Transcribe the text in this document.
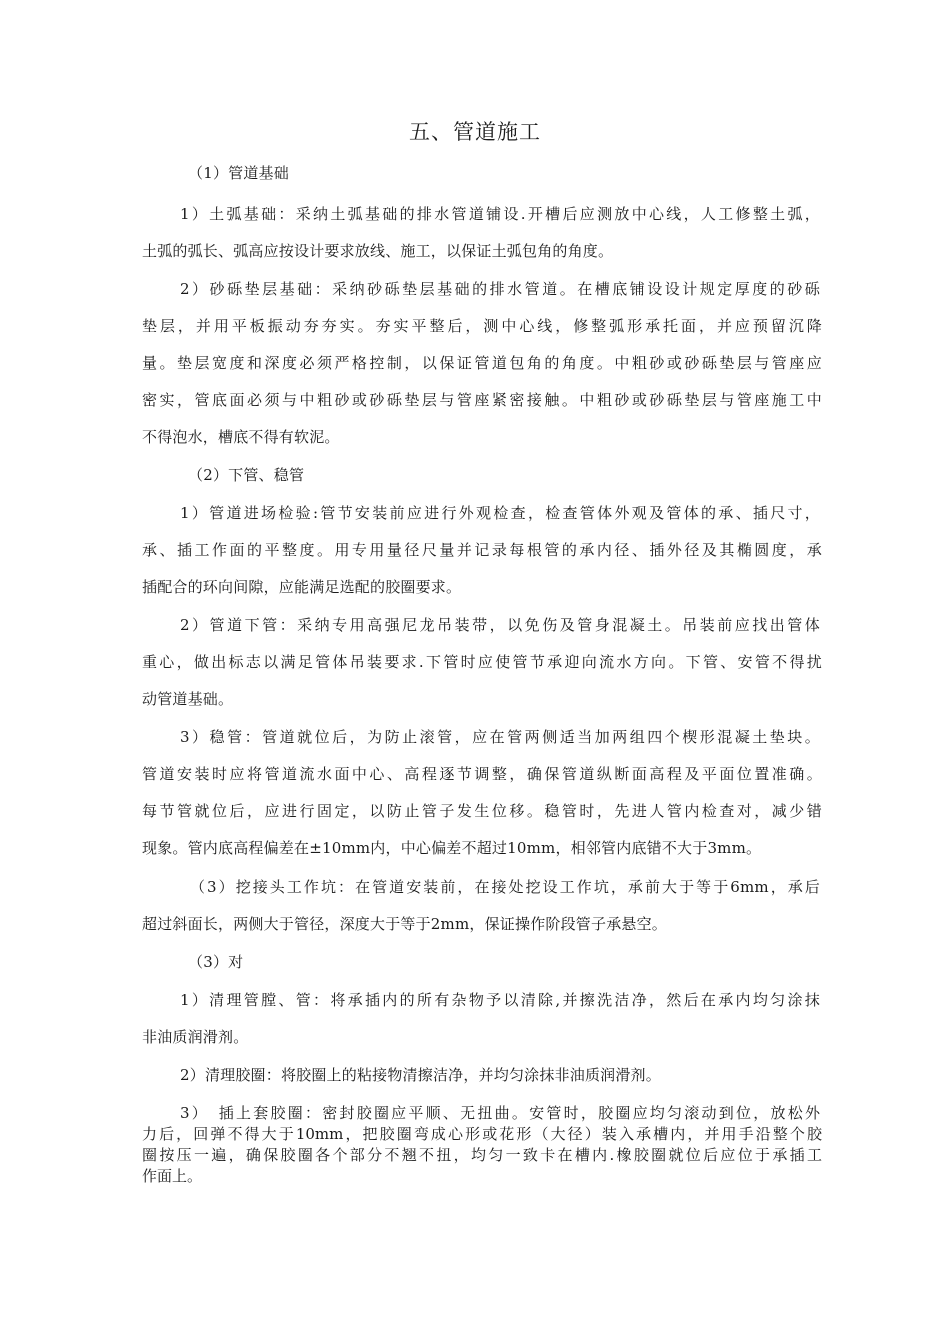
五、管道施工
（1）管道基础
1）土弧基础：采纳土弧基础的排水管道铺设.开槽后应测放中心线，人工修整土弧，
土弧的弧长、弧高应按设计要求放线、施工，以保证土弧包角的角度。
2）砂砾垫层基础：采纳砂砾垫层基础的排水管道。在槽底铺设设计规定厚度的砂砾
垫层，并用平板振动夯夯实。夯实平整后，测中心线，修整弧形承托面，并应预留沉降
量。垫层宽度和深度必须严格控制，以保证管道包角的角度。中粗砂或砂砾垫层与管座应
密实，管底面必须与中粗砂或砂砾垫层与管座紧密接触。中粗砂或砂砾垫层与管座施工中
不得泡水，槽底不得有软泥。
（2）下管、稳管
1）管道进场检验:管节安装前应进行外观检查，检查管体外观及管体的承、插尺寸，
承、插工作面的平整度。用专用量径尺量并记录每根管的承内径、插外径及其椭圆度，承
插配合的环向间隙，应能满足选配的胶圈要求。
2）管道下管：采纳专用高强尼龙吊装带，以免伤及管身混凝土。吊装前应找出管体
重心，做出标志以满足管体吊装要求.下管时应使管节承迎向流水方向。下管、安管不得扰
动管道基础。
3）稳管：管道就位后，为防止滚管，应在管两侧适当加两组四个楔形混凝土垫块。
管道安装时应将管道流水面中心、高程逐节调整，确保管道纵断面高程及平面位置准确。
每节管就位后，应进行固定，以防止管子发生位移。稳管时，先进人管内检查对，减少错
现象。管内底高程偏差在±10mm内，中心偏差不超过10mm，相邻管内底错不大于3mm。
（3）挖接头工作坑：在管道安装前，在接处挖设工作坑，承前大于等于6mm，承后
超过斜面长，两侧大于管径，深度大于等于2mm，保证操作阶段管子承悬空。
（3）对
1）清理管膛、管：将承插内的所有杂物予以清除,并擦洗洁净，然后在承内均匀涂抹
非油质润滑剂。
2）清理胶圈：将胶圈上的粘接物清擦洁净，并均匀涂抹非油质润滑剂。
3）　插上套胶圈：密封胶圈应平顺、无扭曲。安管时，胶圈应均匀滚动到位，放松外
力后，回弹不得大于10mm，把胶圈弯成心形或花形（大径）装入承槽内，并用手沿整个胶
圈按压一遍，确保胶圈各个部分不翘不扭，均匀一致卡在槽内.橡胶圈就位后应位于承插工
作面上。
